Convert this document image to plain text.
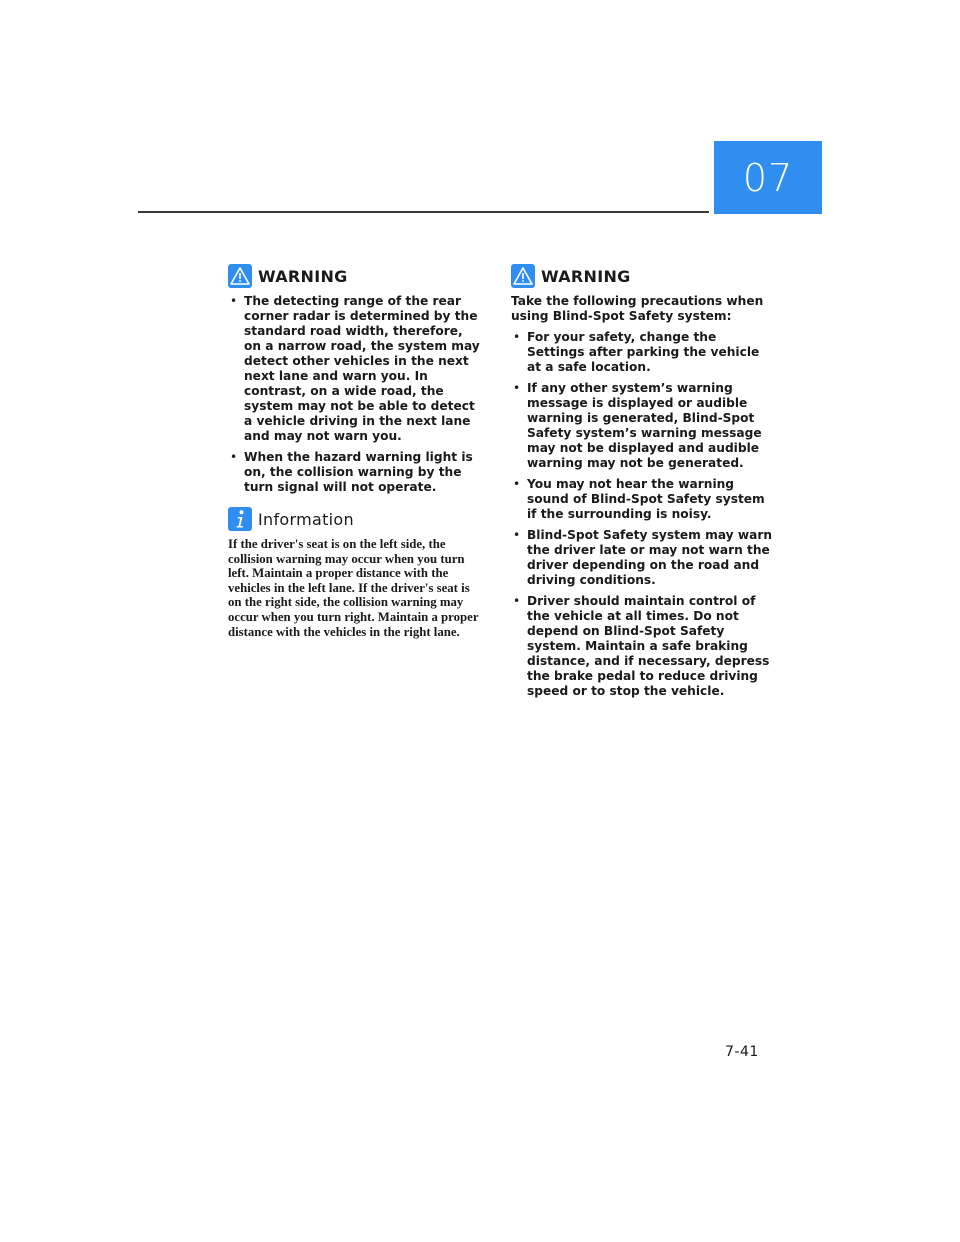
07
WARNING
• The detecting range of the rear corner radar is determined by the standard road width, therefore, on a narrow road, the system may detect other vehicles in the next next lane and warn you. In contrast, on a wide road, the system may not be able to detect a vehicle driving in the next lane and may not warn you.
• When the hazard warning light is on, the collision warning by the turn signal will not operate.
Information

If the driver's seat is on the left side, the collision warning may occur when you turn left. Maintain a proper distance with the vehicles in the left lane. If the driver's seat is on the right side, the collision warning may occur when you turn right. Maintain a proper distance with the vehicles in the right lane.

WARNING

Take the following precautions when using Blind-Spot Safety system:

• For your safety, change the Settings after parking the vehicle at a safe location.
• If any other system’s warning message is displayed or audible warning is generated, Blind-Spot Safety system’s warning message may not be displayed and audible warning may not be generated.
• You may not hear the warning sound of Blind-Spot Safety system if the surrounding is noisy.
• Blind-Spot Safety system may warn the driver late or may not warn the driver depending on the road and driving conditions.
• Driver should maintain control of the vehicle at all times. Do not depend on Blind-Spot Safety system. Maintain a safe braking distance, and if necessary, depress the brake pedal to reduce driving speed or to stop the vehicle.
7-41
